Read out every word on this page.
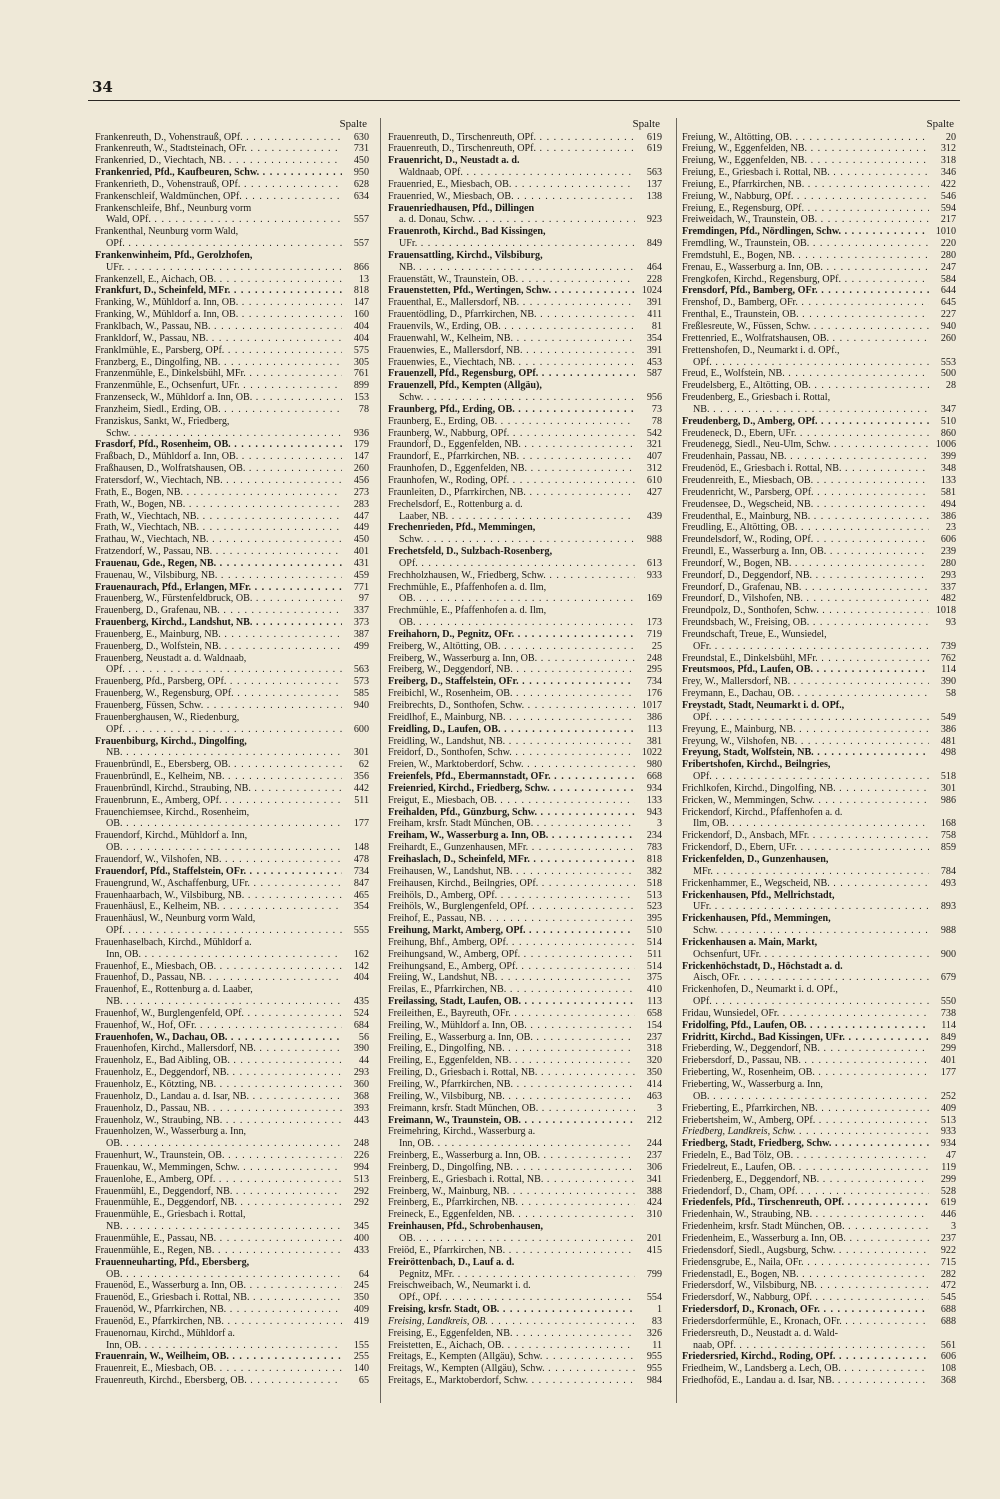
34
Spalte
Frankenreuth, D., Vohenstrauß, OPf. . . .	630
Frankenreuth, W., Stadtsteinach, OFr. . . .	731
Frankenried, D., Viechtach, NB. . . .	450
Frankenried, Pfd., Kaufbeuren, Schw. . . .	950
Frankenrieth, D., Vohenstrauß, OPf. . . .	628
Frankenschleif, Waldmünchen, OPf. . . .	634
Frankenschleife, Bhf., Neunburg vorm
Wald, OPf. . . .	557
Frankenthal, Neunburg vorm Wald,
OPf. . . .	557
Frankenwinheim, Pfd., Gerolzhofen,
UFr. . . .	866
Frankenzell, E., Aichach, OB. . . .	13
Frankfurt, D., Scheinfeld, MFr. . . .	818
Franking, W., Mühldorf a. Inn, OB. . . .	147
Franking, W., Mühldorf a. Inn, OB. . . .	160
Franklbach, W., Passau, NB. . . .	404
Frankldorf, W., Passau, NB. . . .	404
Franklmühle, E., Parsberg, OPf. . . .	575
Franzberg, E., Dingolfing, NB. . . .	305
Franzenmühle, E., Dinkelsbühl, MFr. . . .	761
Franzenmühle, E., Ochsenfurt, UFr. . . .	899
Franzenseck, W., Mühldorf a. Inn, OB. . . .	153
Franzheim, Siedl., Erding, OB. . . .	78
Franziskus, Sankt, W., Friedberg,
Schw. . . .	936
Frasdorf, Pfd., Rosenheim, OB. . . .	179
Fraßbach, D., Mühldorf a. Inn, OB. . . .	147
Fraßhausen, D., Wolfratshausen, OB. . . .	260
Fratersdorf, W., Viechtach, NB. . . .	456
Frath, E., Bogen, NB. . . .	273
Frath, W., Bogen, NB. . . .	283
Frath, W., Viechtach, NB. . . .	447
Frath, W., Viechtach, NB. . . .	449
Frathau, W., Viechtach, NB. . . .	450
Fratzendorf, W., Passau, NB. . . .	401
Frauenau, Gde., Regen, NB. . . .	431
Frauenau, W., Vilsbiburg, NB. . . .	459
Frauenaurach, Pfd., Erlangen, MFr. . . .	771
Frauenberg, W., Fürstenfeldbruck, OB. . . .	97
Frauenberg, D., Grafenau, NB. . . .	337
Frauenberg, Kirchd., Landshut, NB. . . .	373
Frauenberg, E., Mainburg, NB. . . .	387
Frauenberg, D., Wolfstein, NB. . . .	499
Frauenberg, Neustadt a. d. Waldnaab,
OPf. . . .	563
Frauenberg, Pfd., Parsberg, OPf. . . .	573
Frauenberg, W., Regensburg, OPf. . . .	585
Frauenberg, Füssen, Schw. . . .	940
Frauenberghausen, W., Riedenburg,
OPf. . . .	600
Frauenbiburg, Kirchd., Dingolfing,
NB. . . .	301
Frauenbründl, E., Ebersberg, OB. . . .	62
Frauenbründl, E., Kelheim, NB. . . .	356
Frauenbründl, Kirchd., Straubing, NB. . . .	442
Frauenbrunn, E., Amberg, OPf. . . .	511
Frauenchiemsee, Kirchd., Rosenheim,
OB. . . .	177
Frauendorf, Kirchd., Mühldorf a. Inn,
OB. . . .	148
Frauendorf, W., Vilshofen, NB. . . .	478
Frauendorf, Pfd., Staffelstein, OFr. . . .	734
Frauengrund, W., Aschaffenburg, UFr. . . .	847
Frauenhaarbach, W., Vilsbiburg, NB. . . .	465
Frauenhäusl, E., Kelheim, NB. . . .	354
Frauenhäusl, W., Neunburg vorm Wald,
OPf. . . .	555
Frauenhaselbach, Kirchd., Mühldorf a.
Inn, OB. . . .	162
Frauenhof, E., Miesbach, OB. . . .	142
Frauenhof, D., Passau, NB. . . .	404
Frauenhof, E., Rottenburg a. d. Laaber,
NB. . . .	435
Frauenhof, W., Burglengenfeld, OPf. . . .	524
Frauenhof, W., Hof, OFr. . . .	684
Frauenhofen, W., Dachau, OB. . . .	56
Frauenhofen, Kirchd., Mallersdorf, NB. . . .	390
Frauenholz, E., Bad Aibling, OB. . . .	44
Frauenholz, E., Deggendorf, NB. . . .	293
Frauenholz, E., Kötzting, NB. . . .	360
Frauenholz, D., Landau a. d. Isar, NB. . . .	368
Frauenholz, D., Passau, NB. . . .	393
Frauenholz, W., Straubing, NB. . . .	443
Frauenholzen, W., Wasserburg a. Inn,
OB. . . .	248
Frauenhurt, W., Traunstein, OB. . . .	226
Frauenkau, W., Memmingen, Schw. . . .	994
Frauenlohe, E., Amberg, OPf. . . .	513
Frauenmühl, E., Deggendorf, NB. . . .	292
Frauenmühle, E., Deggendorf, NB. . . .	292
Frauenmühle, E., Griesbach i. Rottal,
NB. . . .	345
Frauenmühle, E., Passau, NB. . . .	400
Frauenmühle, E., Regen, NB. . . .	433
Frauenneuharting, Pfd., Ebersberg,
OB. . . .	64
Frauenöd, E., Wasserburg a. Inn, OB. . . .	245
Frauenöd, E., Griesbach i. Rottal, NB. . . .	350
Frauenöd, W., Pfarrkirchen, NB. . . .	409
Frauenöd, E., Pfarrkirchen, NB. . . .	419
Frauenornau, Kirchd., Mühldorf a.
Inn, OB. . . .	155
Frauenrain, W., Weilheim, OB. . . .	255
Frauenreit, E., Miesbach, OB. . . .	140
Frauenreuth, Kirchd., Ebersberg, OB. . . .	65
Spalte
Frauenreuth, D., Tirschenreuth, OPf. . . .	619
Frauenreuth, D., Tirschenreuth, OPf. . . .	619
Frauenricht, D., Neustadt a. d.
Waldnaab, OPf. . . .	563
Frauenried, E., Miesbach, OB. . . .	137
Frauenried, W., Miesbach, OB. . . .	138
Frauenriedhausen, Pfd., Dillingen
a. d. Donau, Schw. . . .	923
Frauenroth, Kirchd., Bad Kissingen,
UFr. . . .	849
Frauensattling, Kirchd., Vilsbiburg,
NB. . . .	464
Frauenstätt, W., Traunstein, OB. . . .	228
Frauenstetten, Pfd., Wertingen, Schw. . . .	1024
Frauenthal, E., Mallersdorf, NB. . . .	391
Frauentödling, D., Pfarrkirchen, NB. . . .	411
Frauenvils, W., Erding, OB. . . .	81
Frauenwahl, W., Kelheim, NB. . . .	354
Frauenwies, E., Mallersdorf, NB. . . .	391
Frauenwies, E., Viechtach, NB. . . .	453
Frauenzell, Pfd., Regensburg, OPf. . . .	587
Frauenzell, Pfd., Kempten (Allgäu),
Schw. . . .	956
Fraunberg, Pfd., Erding, OB. . . .	73
Fraunberg, E., Erding, OB. . . .	78
Fraunberg, W., Nabburg, OPf. . . .	542
Fraundorf, D., Eggenfelden, NB. . . .	321
Fraundorf, E., Pfarrkirchen, NB. . . .	407
Fraunhofen, D., Eggenfelden, NB. . . .	312
Fraunhofen, W., Roding, OPf. . . .	610
Fraunleiten, D., Pfarrkirchen, NB. . . .	427
Frechelsdorf, E., Rottenburg a. d.
Laaber, NB. . . .	439
Frechenrieden, Pfd., Memmingen,
Schw. . . .	988
Frechetsfeld, D., Sulzbach-Rosenberg,
OPf. . . .	613
Frechholzhausen, W., Friedberg, Schw. . . .	933
Frechmühle, E., Pfaffenhofen a. d. Ilm,
OB. . . .	169
Frechmühle, E., Pfaffenhofen a. d. Ilm,
OB. . . .	173
Freihahorn, D., Pegnitz, OFr. . . .	719
Freiberg, W., Altötting, OB. . . .	25
Freiberg, W., Wasserburg a. Inn, OB. . . .	248
Freiberg, W., Deggendorf, NB. . . .	295
Freiberg, D., Staffelstein, OFr. . . .	734
Freibichl, W., Rosenheim, OB. . . .	176
Freibrechts, D., Sonthofen, Schw. . . .	1017
Freidlhof, E., Mainburg, NB. . . .	386
Freidling, D., Laufen, OB. . . .	113
Freidling, W., Landshut, NB. . . .	381
Freidorf, D., Sonthofen, Schw. . . .	1022
Freien, W., Marktoberdorf, Schw. . . .	980
Freienfels, Pfd., Ebermannstadt, OFr. . . .	668
Freienried, Kirchd., Friedberg, Schw. . . .	934
Freigut, E., Miesbach, OB. . . .	133
Freihalden, Pfd., Günzburg, Schw. . . .	943
Freiham, krsfr. Stadt München, OB. . . .	3
Freiham, W., Wasserburg a. Inn, OB. . . .	234
Freihardt, E., Gunzenhausen, MFr. . . .	783
Freihaslach, D., Scheinfeld, MFr. . . .	818
Freihausen, W., Landshut, NB. . . .	382
Freihausen, Kirchd., Beilngries, OPf. . . .	518
Freihöls, D., Amberg, OPf. . . .	513
Freihöls, W., Burglengenfeld, OPf. . . .	523
Freihof, E., Passau, NB. . . .	395
Freihung, Markt, Amberg, OPf. . . .	510
Freihung, Bhf., Amberg, OPf. . . .	514
Freihungsand, W., Amberg, OPf. . . .	511
Freihungsand, E., Amberg, OPf. . . .	514
Freiing, W., Landshut, NB. . . .	375
Freilas, E., Pfarrkirchen, NB. . . .	410
Freilassing, Stadt, Laufen, OB. . . .	113
Freileithen, E., Bayreuth, OFr. . . .	658
Freiling, W., Mühldorf a. Inn, OB. . . .	154
Freiling, E., Wasserburg a. Inn, OB. . . .	237
Freiling, E., Dingolfing, NB. . . .	318
Freiling, E., Eggenfelden, NB. . . .	320
Freiling, D., Griesbach i. Rottal, NB. . . .	350
Freiling, W., Pfarrkirchen, NB. . . .	414
Freiling, W., Vilsbiburg, NB. . . .	463
Freimann, krsfr. Stadt München, OB. . . .	3
Freimann, W., Traunstein, OB. . . .	212
Freimehring, Kirchd., Wasserburg a.
Inn, OB. . . .	244
Freinberg, E., Wasserburg a. Inn, OB. . . .	237
Freinberg, D., Dingolfing, NB. . . .	306
Freinberg, E., Griesbach i. Rottal, NB. . . .	341
Freinberg, W., Mainburg, NB. . . .	388
Freinberg, E., Pfarrkirchen, NB. . . .	424
Freineck, E., Eggenfelden, NB. . . .	310
Freinhausen, Pfd., Schrobenhausen,
OB. . . .	201
Freiöd, E., Pfarrkirchen, NB. . . .	415
Freiröttenbach, D., Lauf a. d.
Pegnitz, MFr. . . .	799
Freischweibach, W., Neumarkt i. d.
OPf., OPf. . . .	554
Freising, krsfr. Stadt, OB. . . .	1
Freising, Landkreis, OB. . . .	83
Freising, E., Eggenfelden, NB. . . .	326
Freistetten, E., Aichach, OB. . . .	11
Freitags, E., Kempten (Allgäu), Schw. . . .	955
Freitags, W., Kempten (Allgäu), Schw. . . .	955
Freitags, E., Marktoberdorf, Schw. . . .	984
Spalte
Freiung, W., Altötting, OB. . . .	20
Freiung, W., Eggenfelden, NB. . . .	312
Freiung, W., Eggenfelden, NB. . . .	318
Freiung, E., Griesbach i. Rottal, NB. . . .	346
Freiung, E., Pfarrkirchen, NB. . . .	422
Freiung, W., Nabburg, OPf. . . .	546
Freiung, E., Regensburg, OPf. . . .	594
Freiweidach, W., Traunstein, OB. . . .	217
Fremdingen, Pfd., Nördlingen, Schw. . . .	1010
Fremdling, W., Traunstein, OB. . . .	220
Fremdstuhl, E., Bogen, NB. . . .	280
Frenau, E., Wasserburg a. Inn, OB. . . .	247
Frengkofen, Kirchd., Regensburg, OPf. . . .	584
Frensdorf, Pfd., Bamberg, OFr. . . .	644
Frenshof, D., Bamberg, OFr. . . .	645
Frenthal, E., Traunstein, OB. . . .	227
Freßlesreute, W., Füssen, Schw. . . .	940
Frettenried, E., Wolfratshausen, OB. . . .	260
Frettenshofen, D., Neumarkt i. d. OPf.,
OPf. . . .	553
Freud, E., Wolfstein, NB. . . .	500
Freudelsberg, E., Altötting, OB. . . .	28
Freudenberg, E., Griesbach i. Rottal,
NB. . . .	347
Freudenberg, D., Amberg, OPf. . . .	510
Freudeneck, D., Ebern, UFr. . . .	860
Freudenegg, Siedl., Neu-Ulm, Schw. . . .	1006
Freudenhain, Passau, NB. . . .	399
Freudenöd, E., Griesbach i. Rottal, NB. . . .	348
Freudenreith, E., Miesbach, OB. . . .	133
Freudenricht, W., Parsberg, OPf. . . .	581
Freudensee, D., Wegscheid, NB. . . .	494
Freudenthal, E., Mainburg, NB. . . .	386
Freudling, E., Altötting, OB. . . .	23
Freundelsdorf, W., Roding, OPf. . . .	606
Freundl, E., Wasserburg a. Inn, OB. . . .	239
Freundorf, W., Bogen, NB. . . .	280
Freundorf, D., Deggendorf, NB. . . .	293
Freundorf, D., Grafenau, NB. . . .	337
Freundorf, D., Vilshofen, NB. . . .	482
Freundpolz, D., Sonthofen, Schw. . . .	1018
Freundsbach, W., Freising, OB. . . .	93
Freundschaft, Treue, E., Wunsiedel,
OFr. . . .	739
Freundstal, E., Dinkelsbühl, MFr. . . .	762
Freutsmoos, Pfd., Laufen, OB. . . .	114
Frey, W., Mallersdorf, NB. . . .	390
Freymann, E., Dachau, OB. . . .	58
Freystadt, Stadt, Neumarkt i. d. OPf.,
OPf. . . .	549
Freyung, E., Mainburg, NB. . . .	386
Freyung, W., Vilshofen, NB. . . .	481
Freyung, Stadt, Wolfstein, NB. . . .	498
Fribertshofen, Kirchd., Beilngries,
OPf. . . .	518
Frichlkofen, Kirchd., Dingolfing, NB. . . .	301
Fricken, W., Memmingen, Schw. . . .	986
Frickendorf, Kirchd., Pfaffenhofen a. d.
Ilm, OB. . . .	168
Frickendorf, D., Ansbach, MFr. . . .	758
Frickendorf, D., Ebern, UFr. . . .	859
Frickenfelden, D., Gunzenhausen,
MFr. . . .	784
Frickenhammer, E., Wegscheid, NB. . . .	493
Frickenhausen, Pfd., Mellrichstadt,
UFr. . . .	893
Frickenhausen, Pfd., Memmingen,
Schw. . . .	988
Frickenhausen a. Main, Markt,
Ochsenfurt, UFr. . . .	900
Frickenhöchstadt, D., Höchstadt a. d.
Aisch, OFr. . . .	679
Frickenhofen, D., Neumarkt i. d. OPf.,
OPf. . . .	550
Fridau, Wunsiedel, OFr. . . .	738
Fridolfing, Pfd., Laufen, OB. . . .	114
Fridritt, Kirchd., Bad Kissingen, UFr. . . .	849
Frieberding, W., Deggendorf, NB. . . .	299
Friebersdorf, D., Passau, NB. . . .	401
Frieberting, W., Rosenheim, OB. . . .	177
Frieberting, W., Wasserburg a. Inn,
OB. . . .	252
Frieberting, E., Pfarrkirchen, NB. . . .	409
Friebertsheim, W., Amberg, OPf. . . .	513
Friedberg, Landkreis, Schw. . . .	933
Friedberg, Stadt, Friedberg, Schw. . . .	934
Friedeln, E., Bad Tölz, OB. . . .	47
Friedelreut, E., Laufen, OB. . . .	119
Friedenberg, E., Deggendorf, NB. . . .	299
Friedendorf, D., Cham, OPf. . . .	528
Friedenfels, Pfd., Tirschenreuth, OPf. . . .	619
Friedenhain, W., Straubing, NB. . . .	446
Friedenheim, krsfr. Stadt München, OB. . . .	3
Friedenheim, E., Wasserburg a. Inn, OB. . . .	237
Friedensdorf, Siedl., Augsburg, Schw. . . .	922
Friedensgrube, E., Naila, OFr. . . .	715
Friedenstadl, E., Bogen, NB. . . .	282
Friedersdorf, W., Vilsbiburg, NB. . . .	472
Friedersdorf, W., Nabburg, OPf. . . .	545
Friedersdorf, D., Kronach, OFr. . . .	688
Friedersdorfermühle, E., Kronach, OFr. . . .	688
Friedersreuth, D., Neustadt a. d. Wald-
naab, OPf. . . .	561
Friedersried, Kirchd., Roding, OPf. . . .	606
Friedheim, W., Landsberg a. Lech, OB. . . .	108
Friedhoföd, E., Landau a. d. Isar, NB. . . .	368
